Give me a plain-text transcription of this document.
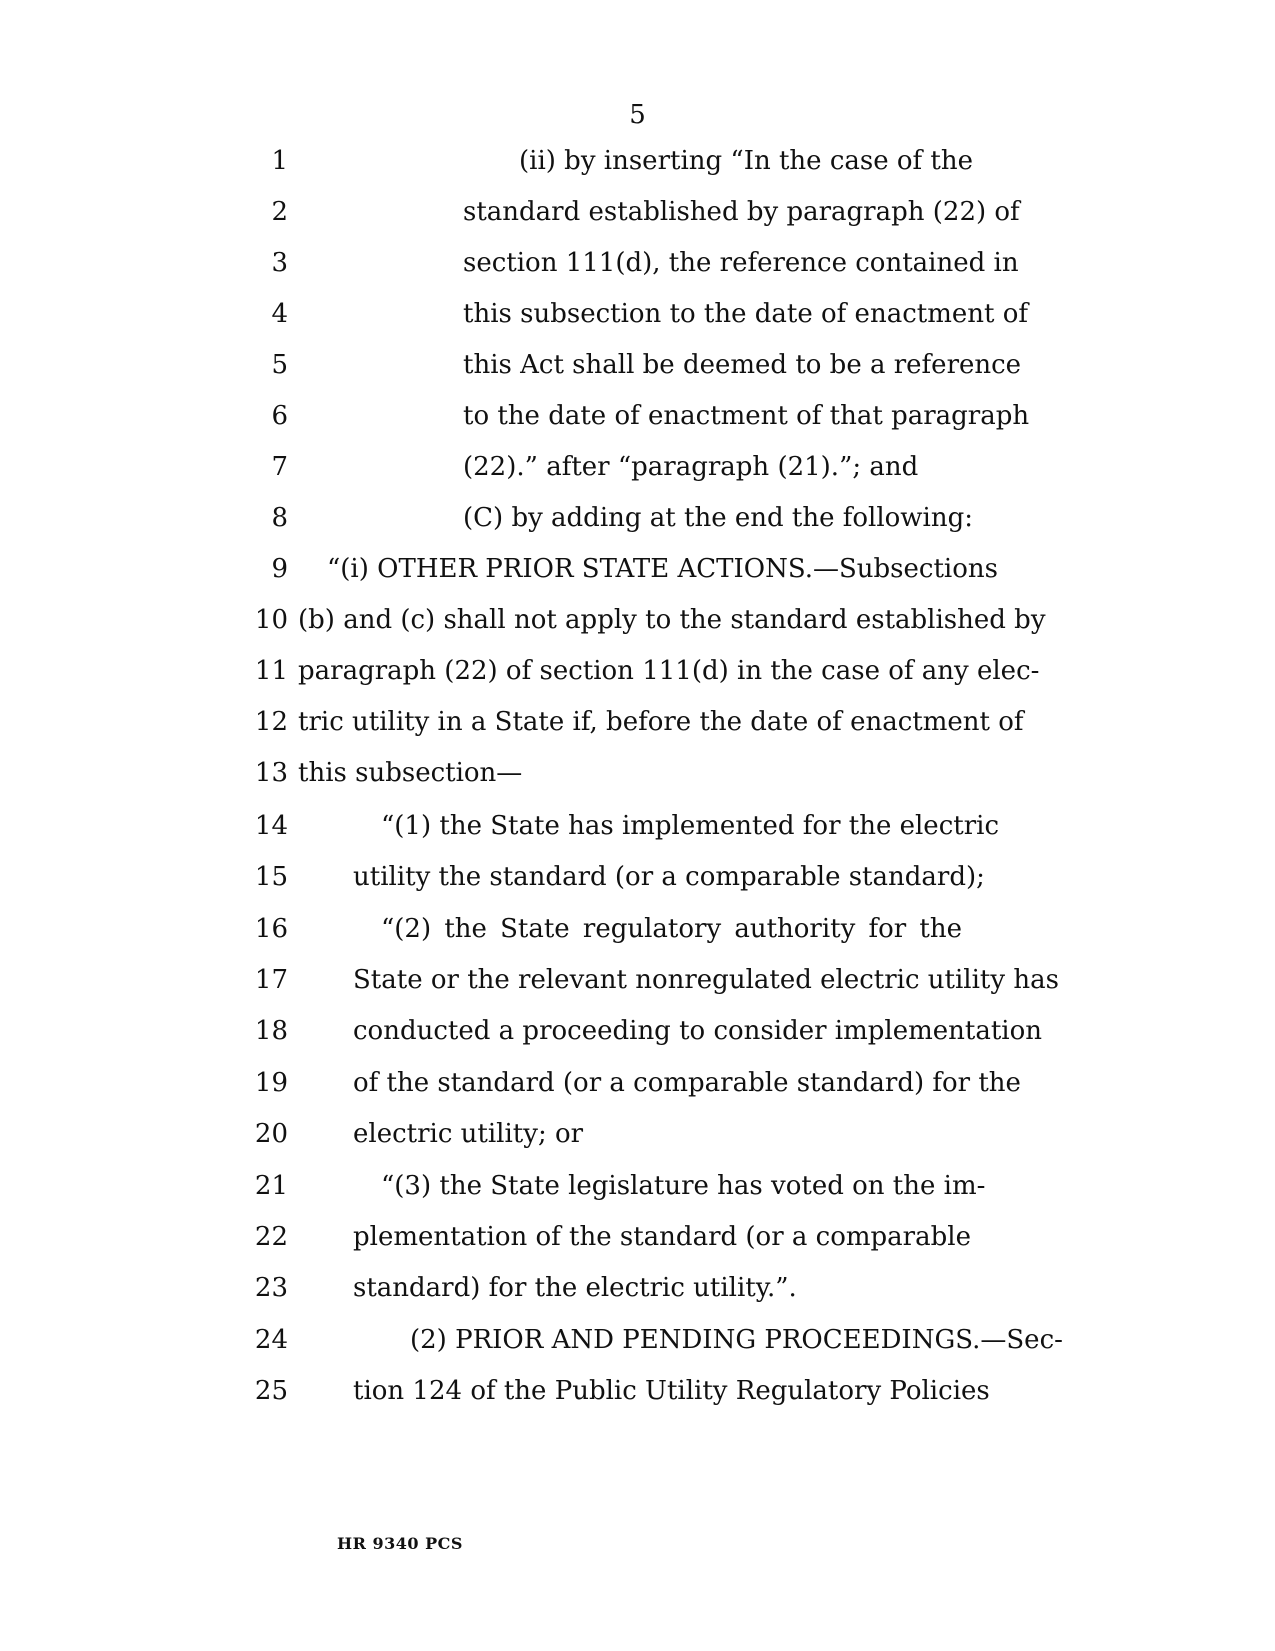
5
1	(ii) by inserting “In the case of the
2	standard established by paragraph (22) of
3	section 111(d), the reference contained in
4	this subsection to the date of enactment of
5	this Act shall be deemed to be a reference
6	to the date of enactment of that paragraph
7	(22).” after “paragraph (21).”; and
8	(C) by adding at the end the following:
9 “(i) OTHER PRIOR STATE ACTIONS.—Subsections
10 (b) and (c) shall not apply to the standard established by
11 paragraph (22) of section 111(d) in the case of any elec-
12 tric utility in a State if, before the date of enactment of
13 this subsection—
14	“(1) the State has implemented for the electric
15	utility the standard (or a comparable standard);
16	“(2) the State regulatory authority for the
17	State or the relevant nonregulated electric utility has
18	conducted a proceeding to consider implementation
19	of the standard (or a comparable standard) for the
20	electric utility; or
21	“(3) the State legislature has voted on the im-
22	plementation of the standard (or a comparable
23	standard) for the electric utility.”.
24	(2) PRIOR AND PENDING PROCEEDINGS.—Sec-
25	tion 124 of the Public Utility Regulatory Policies
HR 9340 PCS
